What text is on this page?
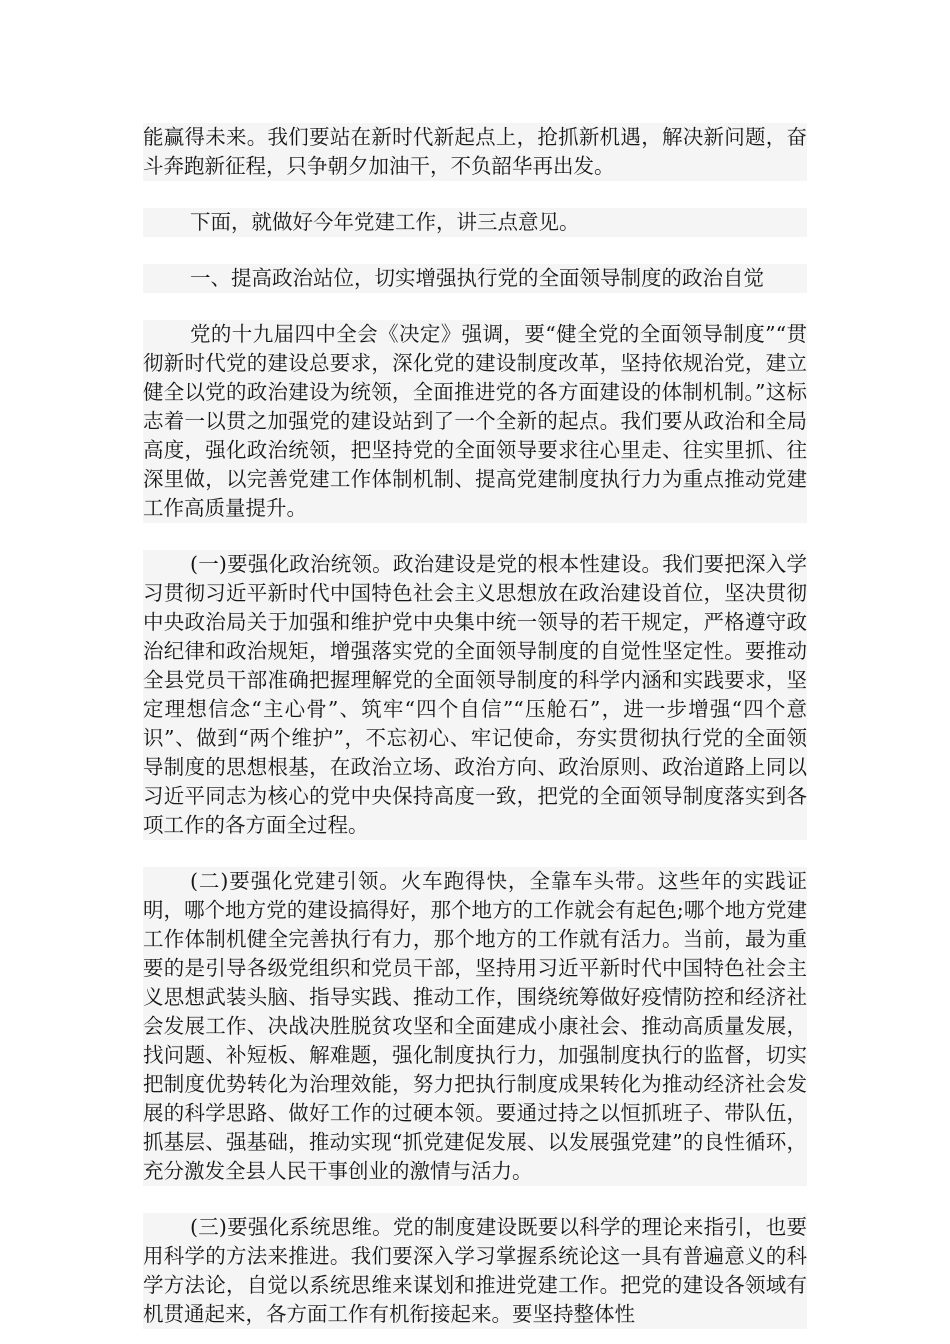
能赢得未来。我们要站在新时代新起点上，抢抓新机遇，解决新问题，奋斗奔跑新征程，只争朝夕加油干，不负韶华再出发。

下面，就做好今年党建工作，讲三点意见。

一、提高政治站位，切实增强执行党的全面领导制度的政治自觉

党的十九届四中全会《决定》强调，要“健全党的全面领导制度”“贯彻新时代党的建设总要求，深化党的建设制度改革，坚持依规治党，建立健全以党的政治建设为统领，全面推进党的各方面建设的体制机制。”这标志着一以贯之加强党的建设站到了一个全新的起点。我们要从政治和全局高度，强化政治统领，把坚持党的全面领导要求往心里走、往实里抓、往深里做，以完善党建工作体制机制、提高党建制度执行力为重点推动党建工作高质量提升。

(一)要强化政治统领。政治建设是党的根本性建设。我们要把深入学习贯彻习近平新时代中国特色社会主义思想放在政治建设首位，坚决贯彻中央政治局关于加强和维护党中央集中统一领导的若干规定，严格遵守政治纪律和政治规矩，增强落实党的全面领导制度的自觉性坚定性。要推动全县党员干部准确把握理解党的全面领导制度的科学内涵和实践要求，坚定理想信念“主心骨”、筑牢“四个自信”“压舱石”，进一步增强“四个意识”、做到“两个维护”，不忘初心、牢记使命，夯实贯彻执行党的全面领导制度的思想根基，在政治立场、政治方向、政治原则、政治道路上同以习近平同志为核心的党中央保持高度一致，把党的全面领导制度落实到各项工作的各方面全过程。

(二)要强化党建引领。火车跑得快，全靠车头带。这些年的实践证明，哪个地方党的建设搞得好，那个地方的工作就会有起色;哪个地方党建工作体制机健全完善执行有力，那个地方的工作就有活力。当前，最为重要的是引导各级党组织和党员干部，坚持用习近平新时代中国特色社会主义思想武装头脑、指导实践、推动工作，围绕统筹做好疫情防控和经济社会发展工作、决战决胜脱贫攻坚和全面建成小康社会、推动高质量发展，找问题、补短板、解难题，强化制度执行力，加强制度执行的监督，切实把制度优势转化为治理效能，努力把执行制度成果转化为推动经济社会发展的科学思路、做好工作的过硬本领。要通过持之以恒抓班子、带队伍，抓基层、强基础，推动实现“抓党建促发展、以发展强党建”的良性循环，充分激发全县人民干事创业的激情与活力。

(三)要强化系统思维。党的制度建设既要以科学的理论来指引，也要用科学的方法来推进。我们要深入学习掌握系统论这一具有普遍意义的科学方法论，自觉以系统思维来谋划和推进党建工作。把党的建设各领域有机贯通起来，各方面工作有机衔接起来。要坚持整体性
